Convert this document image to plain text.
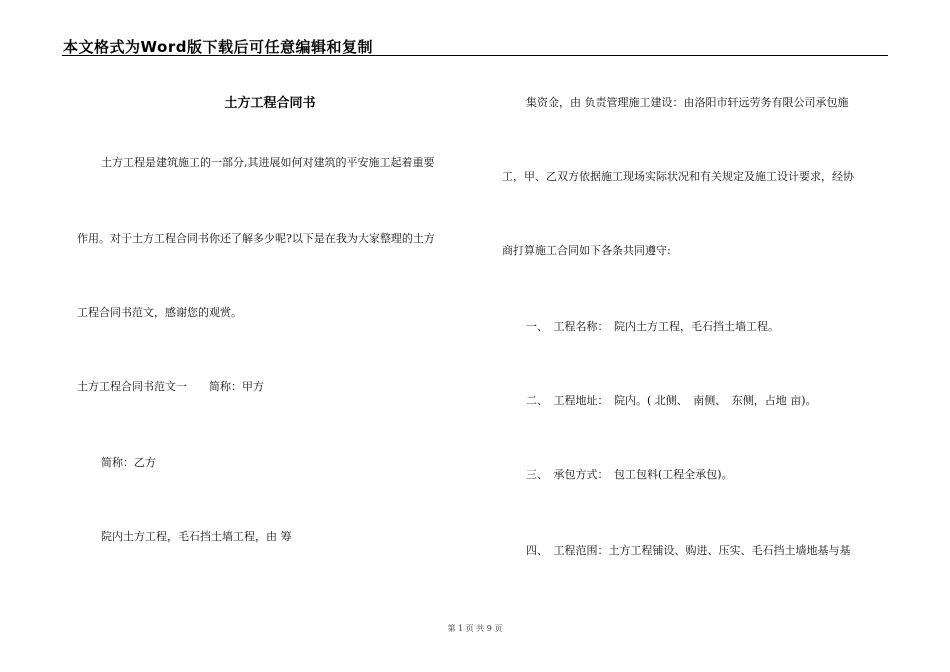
本文格式为Word版下载后可任意编辑和复制
土方工程合同书
土方工程是建筑施工的一部分,其进展如何对建筑的平安施工起着重要
作用。对于土方工程合同书你还了解多少呢?以下是在我为大家整理的土方
工程合同书范文，感谢您的观赏。
土方工程合同书范文一　　简称：甲方
简称：乙方
院内土方工程，毛石挡土墙工程，由 筹
集资金，由 负责管理施工建设：由洛阳市轩远劳务有限公司承包施
工，甲、乙双方依据施工现场实际状况和有关规定及施工设计要求，经协
商打算施工合同如下各条共同遵守:
一、　工程名称：　院内土方工程，毛石挡土墙工程。
二、　工程地址：　院内。( 北侧、　南侧、　东侧，占地 亩)。
三、　承包方式：　包工包料(工程全承包)。
四、　工程范围：土方工程铺设、购进、压实、毛石挡土墙地基与基
第 1 页 共 9 页
